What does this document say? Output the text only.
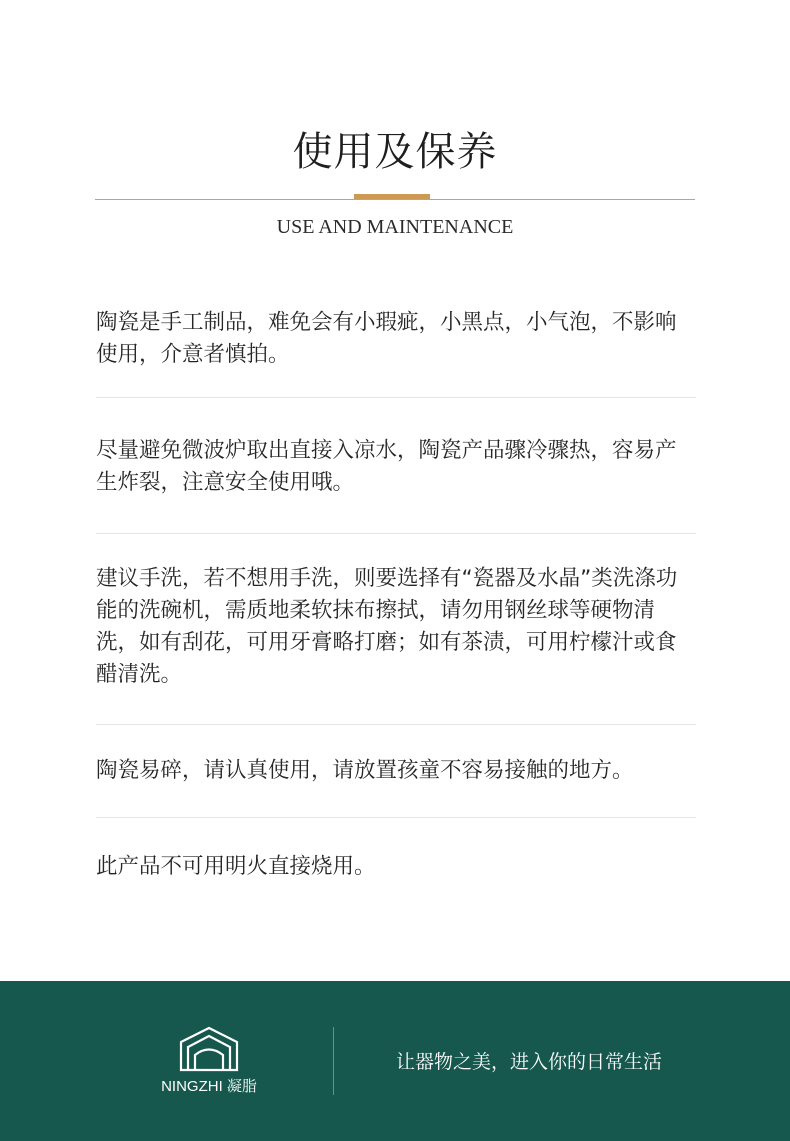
使用及保养
USE AND MAINTENANCE

陶瓷是手工制品，难免会有小瑕疵，小黑点，小气泡，不影响使用，介意者慎拍。

尽量避免微波炉取出直接入凉水，陶瓷产品骤冷骤热，容易产生炸裂，注意安全使用哦。

建议手洗，若不想用手洗，则要选择有“瓷器及水晶”类洗涤功能的洗碗机，需质地柔软抹布擦拭，请勿用钢丝球等硬物清洗，如有刮花，可用牙膏略打磨；如有茶渍，可用柠檬汁或食醋清洗。

陶瓷易碎，请认真使用，请放置孩童不容易接触的地方。

此产品不可用明火直接烧用。

NINGZHI 凝脂
让器物之美，进入你的日常生活
